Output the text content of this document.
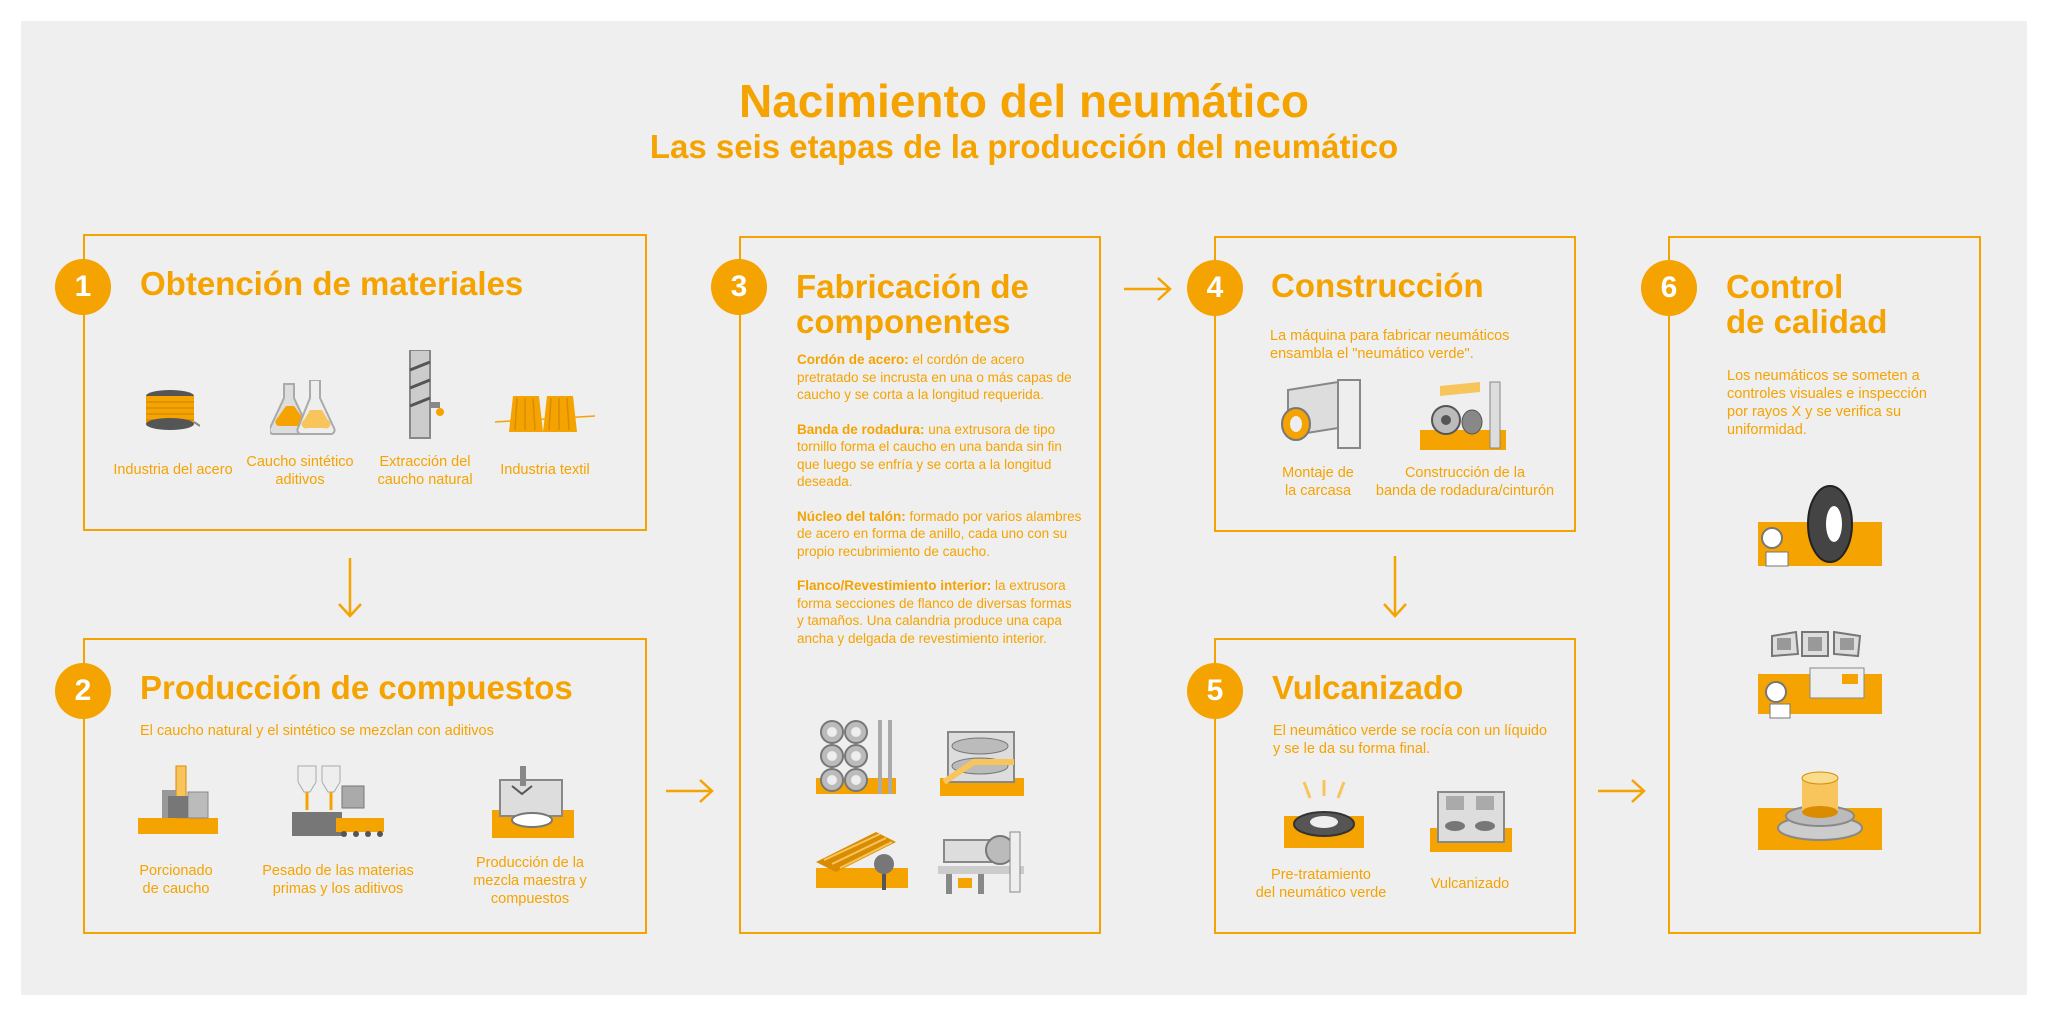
Nacimiento del neumático
Las seis etapas de la producción del neumático
1	Obtención de materiales
Industria del acero Caucho sintético
aditivos
Extracción del
caucho natural
Industria textil
2	Producción de compuestos
El caucho natural y el sintético se mezclan con aditivos
Porcionado
de caucho
Pesado de las materias
primas y los aditivos
Producción de la
mezcla maestra y
compuestos
3	Fabricación de
componentes

Cordón de acero: el cordón de acero pretratado se incrusta en una o más capas de caucho y se corta a la longitud requerida.

Banda de rodadura: una extrusora de tipo tornillo forma el caucho en una banda sin fin que luego se enfría y se corta a la longitud deseada.

Núcleo del talón: formado por varios alambres de acero en forma de anillo, cada uno con su propio recubrimiento de caucho.

Flanco/Revestimiento interior: la extrusora forma secciones de flanco de diversas formas y tamaños. Una calandria produce una capa ancha y delgada de revestimiento interior.

4	Construcción
La máquina para fabricar neumáticos
ensambla el "neumático verde".
Montaje de
la carcasa
Construcción de la
banda de rodadura/cinturón
5	Vulcanizado
El neumático verde se rocía con un líquido
y se le da su forma final.
Pre-tratamiento
del neumático verde
Vulcanizado
6	Control
de calidad
Los neumáticos se someten a
controles visuales e inspección
por rayos X y se verifica su
uniformidad.
